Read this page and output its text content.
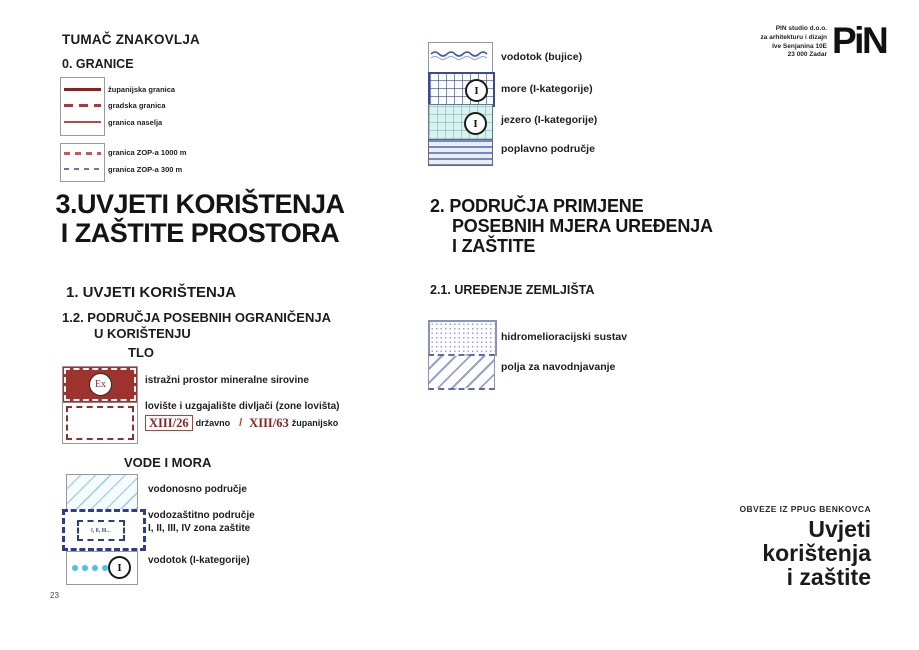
TUMAČ ZNAKOVLJA
0. GRANICE
županijska granica
gradska granica
granica naselja
granica ZOP-a 1000 m
granica ZOP-a 300 m
3.UVJETI KORIŠTENJA
I ZAŠTITE PROSTORA
1. UVJETI KORIŠTENJA
1.2. PODRUČJA POSEBNIH OGRANIČENJA
U KORIŠTENJU
TLO
Ex	istražni prostor mineralne sirovine
lovište i uzgajalište divljači (zone lovišta)
XIII/26 državno / XIII/63 županijsko
VODE I MORA
I, II, III...
I
vodonosno područje
vodozaštitno područje
I, II, III, IV zona zaštite
vodotok (I-kategorije)
23
I
I
vodotok (bujice)
more (I-kategorije)
jezero (I-kategorije)
poplavno područje
2. PODRUČJA PRIMJENE
POSEBNIH MJERA UREĐENJA
I ZAŠTITE
2.1. UREĐENJE ZEMLJIŠTA
hidromelioracijski sustav
polja za navodnjavanje
PIN studio d.o.o.
za arhitekturu i dizajn
Ive Senjanina 10E
23 000 Zadar PiN
OBVEZE IZ PPUG BENKOVCA
Uvjeti
korištenja
i zaštite
